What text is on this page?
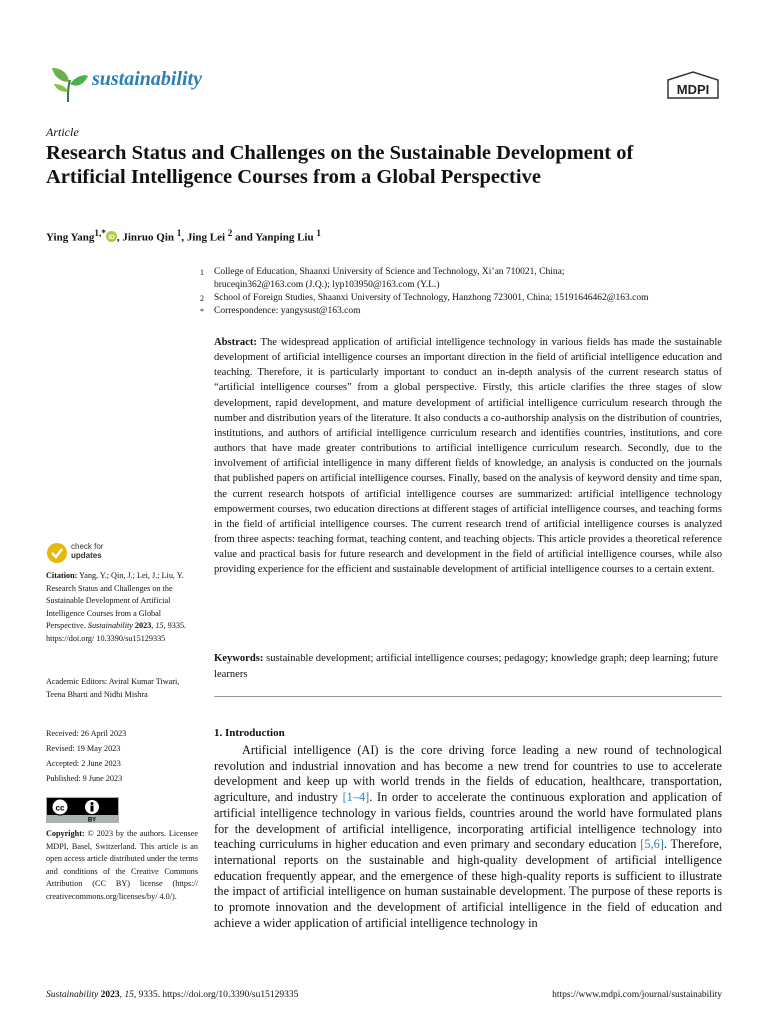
sustainability	MDPI
Article
Research Status and Challenges on the Sustainable Development of Artificial Intelligence Courses from a Global Perspective
Ying Yang$^{1,*}$ iD , Jinruo Qin $^1$, Jing Lei $^2$ and Yanping Liu $^1$
1 College of Education, Shaanxi University of Science and Technology, Xi’an 710021, China;
bruceqin362@163.com (J.Q.); lyp103950@163.com (Y.L.)
2 School of Foreign Studies, Shaanxi University of Technology, Hanzhong 723001, China; 15191646462@163.com
* Correspondence: yangysust@163.com
Abstract: The widespread application of artificial intelligence technology in various fields has made the sustainable development of artificial intelligence courses an important direction in the field of artificial intelligence education and teaching. Therefore, it is particularly important to conduct an in-depth analysis of the current research status of “artificial intelligence courses” from a global perspective. Firstly, this article clarifies the three stages of slow development, rapid development, and mature development of artificial intelligence curriculum research through the number and distribution years of the literature. It also conducts a co-authorship analysis on the distribution of countries, institutions, and authors of artificial intelligence curriculum research and identifies countries, institutions, and core authors that have made greater contributions to artificial intelligence curriculum research. Secondly, due to the involvement of artificial intelligence in many different fields of knowledge, an analysis is conducted on the journals that published papers on artificial intelligence courses. Finally, based on the analysis of keyword density and time span, the current research hotspots of artificial intelligence courses are summarized: artificial intelligence technology empowerment courses, two education directions at different stages of artificial intelligence courses, and teaching forms in the field of artificial intelligence courses. The current research trend of artificial intelligence courses is analyzed from three aspects: teaching format, teaching content, and teaching objects. This article provides a theoretical reference value and practical basis for future research and development in the field of artificial intelligence courses, while also providing experience for the efficient and sustainable development of artificial intelligence courses to a certain extent.
Keywords: sustainable development; artificial intelligence courses; pedagogy; knowledge graph; deep learning; future learners
1. Introduction

Artificial intelligence (AI) is the core driving force leading a new round of technological revolution and industrial innovation and has become a new trend for countries to use to accelerate development and keep up with world trends in the fields of education, healthcare, transportation, agriculture, and industry [1–4]. In order to accelerate the continuous exploration and application of artificial intelligence technology in various fields, countries around the world have formulated plans for the development of artificial intelligence, incorporating artificial intelligence technology into teaching curriculums in higher education and even primary and secondary education [5,6]. Therefore, international reports on the sustainable and high-quality development of artificial intelligence education frequently appear, and the emergence of these high-quality reports is sufficient to illustrate the impact of artificial intelligence on human sustainable development. The purpose of these reports is to promote innovation and the development of artificial intelligence in the field of education and achieve a wider application of artificial intelligence technology in

check for
updates
Citation: Yang, Y.; Qin, J.; Lei, J.; Liu, Y. Research Status and Challenges on the Sustainable Development of Artificial Intelligence Courses from a Global Perspective. Sustainability 2023, 15, 9335. https://doi.org/ 10.3390/su15129335
Academic Editors: Aviral Kumar Tiwari, Teena Bharti and Nidhi Mishra
Received: 26 April 2023
Revised: 19 May 2023
Accepted: 2 June 2023
Published: 9 June 2023
cc
BY
Copyright: © 2023 by the authors. Licensee MDPI, Basel, Switzerland. This article is an open access article distributed under the terms and conditions of the Creative Commons Attribution (CC BY) license (https:// creativecommons.org/licenses/by/ 4.0/).
Sustainability 2023, 15, 9335. https://doi.org/10.3390/su15129335	https://www.mdpi.com/journal/sustainability
